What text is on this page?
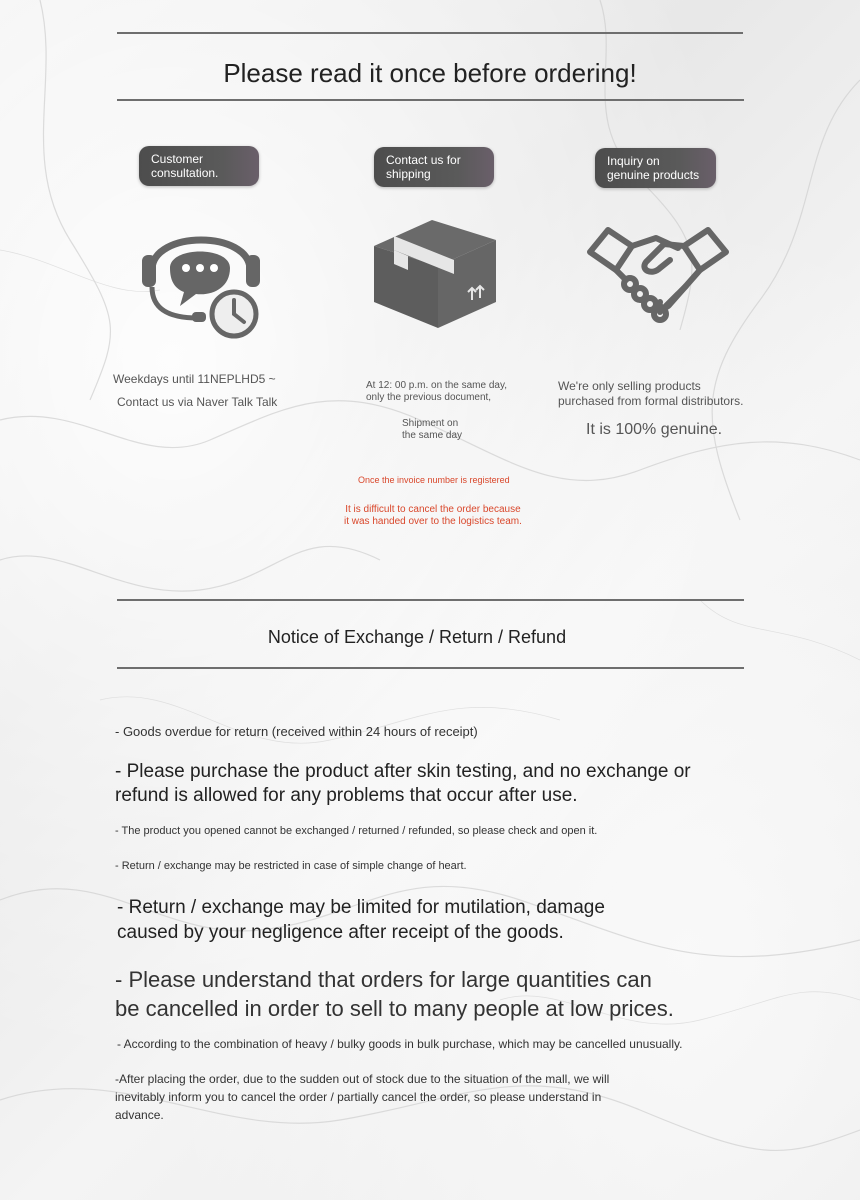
Please read it once before ordering!
Customer
consultation.
Weekdays until 11NEPLHD5 ~
Contact us via Naver Talk Talk
Contact us for
shipping
At 12: 00 p.m. on the same day,
only the previous document,
Shipment on
the same day
Once the invoice number is registered
It is difficult to cancel the order because
it was handed over to the logistics team.
Inquiry on
genuine products
We're only selling products
purchased from formal distributors.
It is 100% genuine.
Notice of Exchange / Return / Refund
- Goods overdue for return (received within 24 hours of receipt)
- Please purchase the product after skin testing, and no exchange or
refund is allowed for any problems that occur after use.
- The product you opened cannot be exchanged / returned / refunded, so please check and open it.
- Return / exchange may be restricted in case of simple change of heart.
- Return / exchange may be limited for mutilation, damage
caused by your negligence after receipt of the goods.
- Please understand that orders for large quantities can
be cancelled in order to sell to many people at low prices.
- According to the combination of heavy / bulky goods in bulk purchase, which may be cancelled unusually.
-After placing the order, due to the sudden out of stock due to the situation of the mall, we will
inevitably inform you to cancel the order / partially cancel the order, so please understand in
advance.
